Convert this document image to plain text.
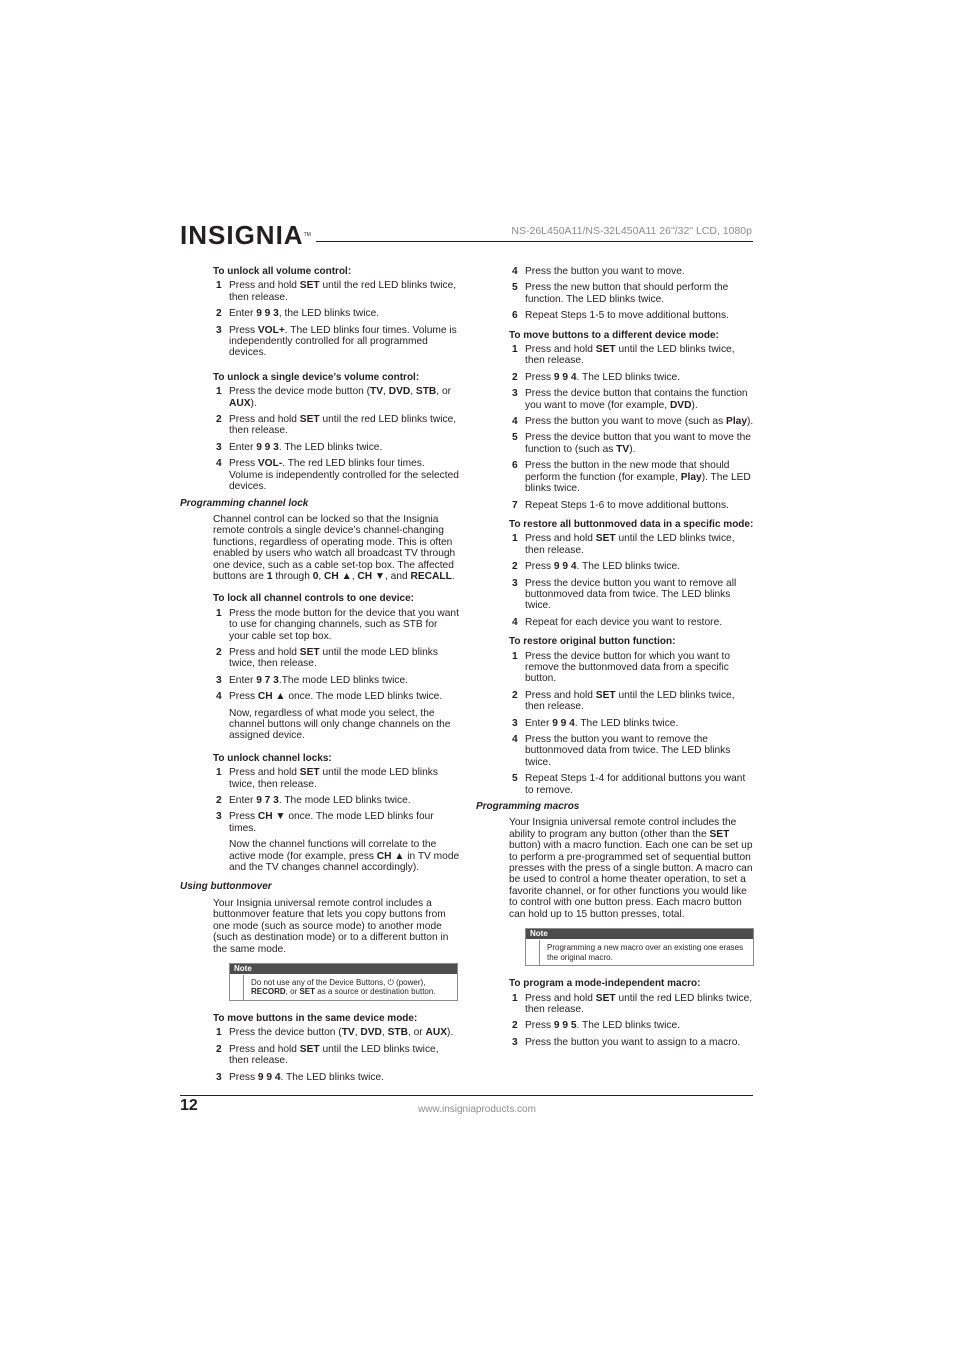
INSIGNIA™	NS-26L450A11/NS-32L450A11 26"/32" LCD, 1080p
To unlock all volume control:
1 Press and hold SET until the red LED blinks twice, then release.
2 Enter 9 9 3, the LED blinks twice.
3 Press VOL+. The LED blinks four times. Volume is independently controlled for all programmed devices.
To unlock a single device’s volume control:
1 Press the device mode button (TV, DVD, STB, or AUX).
2 Press and hold SET until the red LED blinks twice, then release.
3 Enter 9 9 3. The LED blinks twice.
4 Press VOL-. The red LED blinks four times. Volume is independently controlled for the selected devices.
Programming channel lock
Channel control can be locked so that the Insignia remote controls a single device’s channel-changing functions, regardless of operating mode. This is often enabled by users who watch all broadcast TV through one device, such as a cable set-top box. The affected buttons are 1 through 0, CH ▲, CH ▼, and RECALL.
To lock all channel controls to one device:
1 Press the mode button for the device that you want to use for changing channels, such as STB for your cable set top box.
2 Press and hold SET until the mode LED blinks twice, then release.
3 Enter 9 7 3.The mode LED blinks twice.
4 Press CH ▲ once. The mode LED blinks twice.
Now, regardless of what mode you select, the channel buttons will only change channels on the assigned device.
To unlock channel locks:
1 Press and hold SET until the mode LED blinks twice, then release.
2 Enter 9 7 3. The mode LED blinks twice.
3 Press CH ▼ once. The mode LED blinks four times.
Now the channel functions will correlate to the active mode (for example, press CH ▲ in TV mode and the TV changes channel accordingly).
Using buttonmover
Your Insignia universal remote control includes a buttonmover feature that lets you copy buttons from one mode (such as source mode) to another mode (such as destination mode) or to a different button in the same mode.
Note
Do not use any of the Device Buttons, ⏻ (power), RECORD, or SET as a source or destination button.
To move buttons in the same device mode:
1 Press the device button (TV, DVD, STB, or AUX).
2 Press and hold SET until the LED blinks twice, then release.
3 Press 9 9 4. The LED blinks twice.
4 Press the button you want to move.
5 Press the new button that should perform the function. The LED blinks twice.
6 Repeat Steps 1-5 to move additional buttons.
To move buttons to a different device mode:
1 Press and hold SET until the LED blinks twice, then release.
2 Press 9 9 4. The LED blinks twice.
3 Press the device button that contains the function you want to move (for example, DVD).
4 Press the button you want to move (such as Play).
5 Press the device button that you want to move the function to (such as TV).
6 Press the button in the new mode that should perform the function (for example, Play). The LED blinks twice.
7 Repeat Steps 1-6 to move additional buttons.
To restore all buttonmoved data in a specific mode:
1 Press and hold SET until the LED blinks twice, then release.
2 Press 9 9 4. The LED blinks twice.
3 Press the device button you want to remove all buttonmoved data from twice. The LED blinks twice.
4 Repeat for each device you want to restore.
To restore original button function:
1 Press the device button for which you want to remove the buttonmoved data from a specific button.
2 Press and hold SET until the LED blinks twice, then release.
3 Enter 9 9 4. The LED blinks twice.
4 Press the button you want to remove the buttonmoved data from twice. The LED blinks twice.
5 Repeat Steps 1-4 for additional buttons you want to remove.
Programming macros
Your Insignia universal remote control includes the ability to program any button (other than the SET button) with a macro function. Each one can be set up to perform a pre-programmed set of sequential button presses with the press of a single button. A macro can be used to control a home theater operation, to set a favorite channel, or for other functions you would like to control with one button press. Each macro button can hold up to 15 button presses, total.
Note
Programming a new macro over an existing one erases the original macro.
To program a mode-independent macro:
1 Press and hold SET until the red LED blinks twice, then release.
2 Press 9 9 5. The LED blinks twice.
3 Press the button you want to assign to a macro.
12	www.insigniaproducts.com
